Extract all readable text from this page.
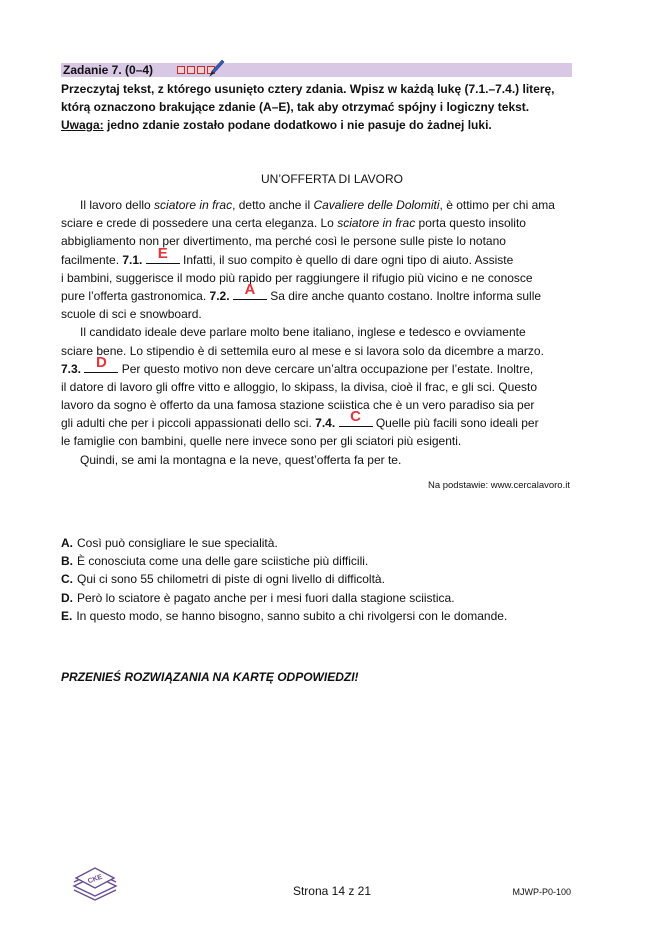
Zadanie 7. (0–4)

Przeczytaj tekst, z którego usunięto cztery zdania. Wpisz w każdą lukę (7.1.–7.4.) literę,

którą oznaczono brakujące zdanie (A–E), tak aby otrzymać spójny i logiczny tekst.

Uwaga: jedno zdanie zostało podane dodatkowo i nie pasuje do żadnej luki.

UN’OFFERTA DI LAVORO
Il lavoro dello sciatore in frac, detto anche il Cavaliere delle Dolomiti, è ottimo per chi ama
sciare e crede di possedere una certa eleganza. Lo sciatore in frac porta questo insolito
abbigliamento non per divertimento, ma perché così le persone sulle piste lo notano
facilmente. 7.1. E Infatti, il suo compito è quello di dare ogni tipo di aiuto. Assiste
i bambini, suggerisce il modo più rapido per raggiungere il rifugio più vicino e ne conosce
pure l’offerta gastronomica. 7.2. A Sa dire anche quanto costano. Inoltre informa sulle
scuole di sci e snowboard.
Il candidato ideale deve parlare molto bene italiano, inglese e tedesco e ovviamente
sciare bene. Lo stipendio è di settemila euro al mese e si lavora solo da dicembre a marzo.
7.3. D Per questo motivo non deve cercare un’altra occupazione per l’estate. Inoltre,
il datore di lavoro gli offre vitto e alloggio, lo skipass, la divisa, cioè il frac, e gli sci. Questo
lavoro da sogno è offerto da una famosa stazione sciistica che è un vero paradiso sia per
gli adulti che per i piccoli appassionati dello sci. 7.4. C Quelle più facili sono ideali per
le famiglie con bambini, quelle nere invece sono per gli sciatori più esigenti.
Quindi, se ami la montagna e la neve, quest’offerta fa per te.
Na podstawie: www.cercalavoro.it
A. Così può consigliare le sue specialità.
B. È conosciuta come una delle gare sciistiche più difficili.
C. Qui ci sono 55 chilometri di piste di ogni livello di difficoltà.
D. Però lo sciatore è pagato anche per i mesi fuori dalla stagione sciistica.
E. In questo modo, se hanno bisogno, sanno subito a chi rivolgersi con le domande.
PRZENIEŚ ROZWIĄZANIA NA KARTĘ ODPOWIEDZI!
CKE
Strona 14 z 21	MJWP-P0-100
